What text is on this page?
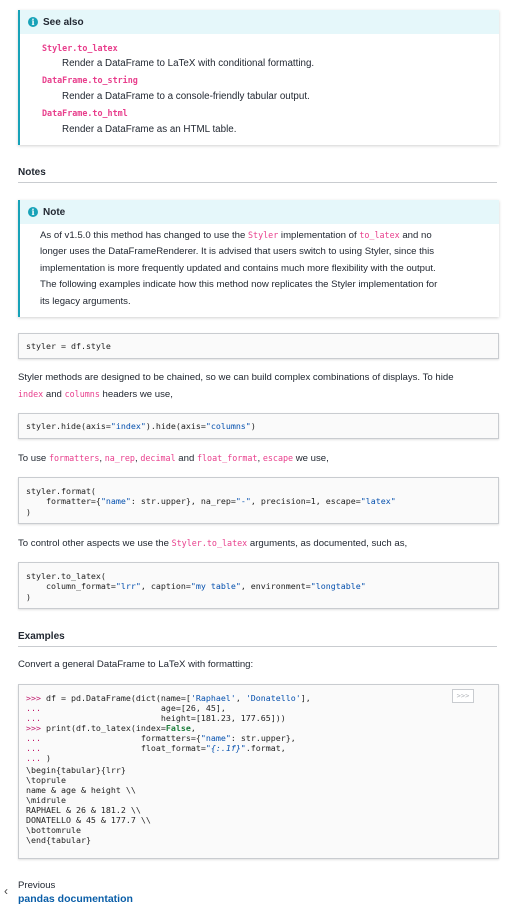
i See also
Styler.to_latex
Render a DataFrame to LaTeX with conditional formatting.
DataFrame.to_string
Render a DataFrame to a console-friendly tabular output.
DataFrame.to_html
Render a DataFrame as an HTML table.
Notes
i Note
As of v1.5.0 this method has changed to use the Styler implementation of to_latex and no
longer uses the DataFrameRenderer. It is advised that users switch to using Styler, since this
implementation is more frequently updated and contains much more flexibility with the output.
The following examples indicate how this method now replicates the Styler implementation for
its legacy arguments.
styler = df.style
Styler methods are designed to be chained, so we can build complex combinations of displays. To hide
index and columns headers we use,
styler.hide(axis="index").hide(axis="columns")
To use formatters, na_rep, decimal and float_format, escape we use,
styler.format(
formatter={"name": str.upper}, na_rep="-", precision=1, escape="latex"
)
To control other aspects we use the Styler.to_latex arguments, as documented, such as,
styler.to_latex(
column_format="lrr", caption="my table", environment="longtable"
)
Examples
Convert a general DataFrame to LaTeX with formatting:
>>>
>>> df = pd.DataFrame(dict(name=['Raphael', 'Donatello'],
...                        age=[26, 45],
...                        height=[181.23, 177.65]))
>>> print(df.to_latex(index=False,
...                    formatters={"name": str.upper},
...                    float_format="{:.1f}".format,
... )
\begin{tabular}{lrr}
\toprule
name & age & height \\
\midrule
RAPHAEL & 26 & 181.2 \\
DONATELLO & 45 & 177.7 \\
\bottomrule
\end{tabular}
‹ Previous
pandas documentation
